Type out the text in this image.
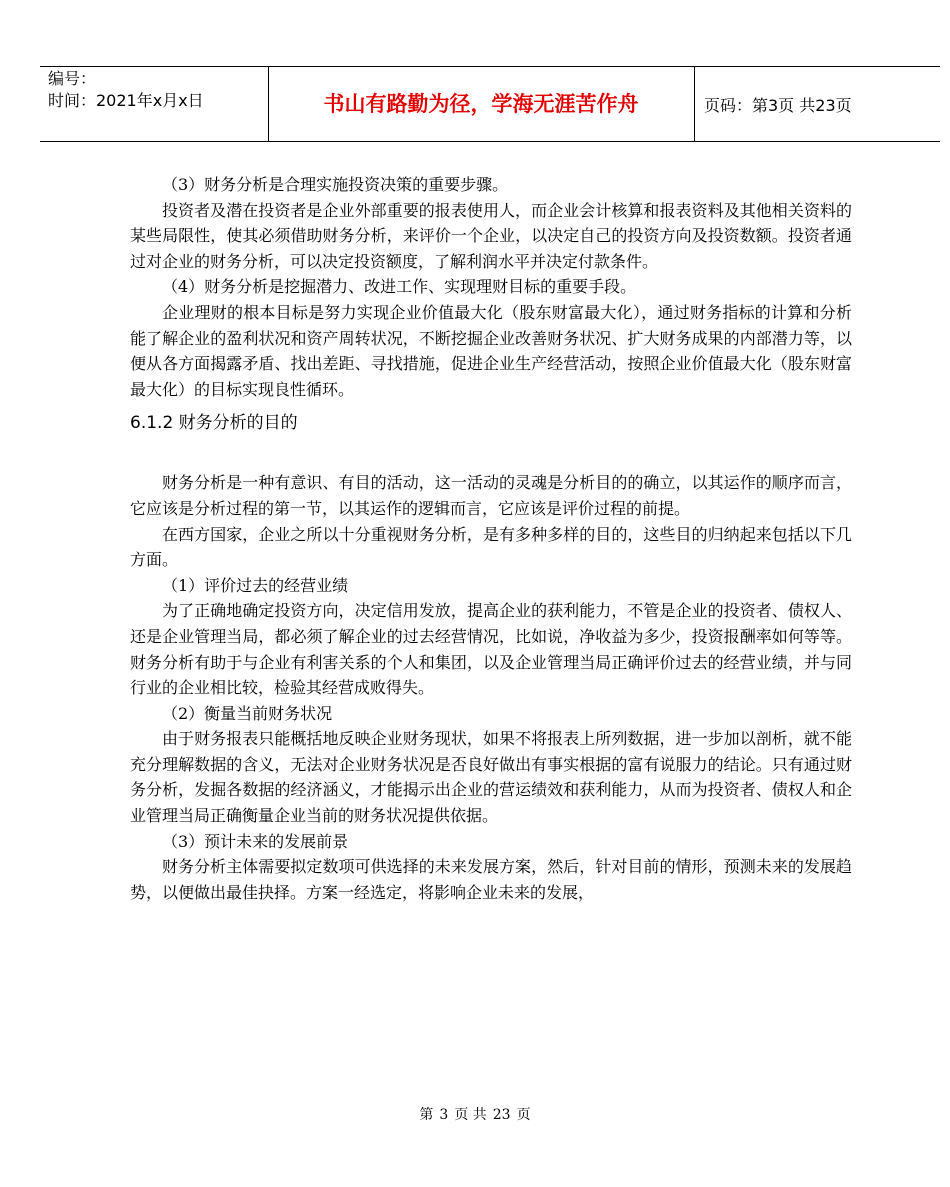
编号：
时间：2021年x月x日	书山有路勤为径，学海无涯苦作舟	页码：第3页 共23页

（3）财务分析是合理实施投资决策的重要步骤。

投资者及潜在投资者是企业外部重要的报表使用人，而企业会计核算和报表资料及其他相关资料的某些局限性，使其必须借助财务分析，来评价一个企业，以决定自己的投资方向及投资数额。投资者通过对企业的财务分析，可以决定投资额度，了解利润水平并决定付款条件。

（4）财务分析是挖掘潜力、改进工作、实现理财目标的重要手段。

企业理财的根本目标是努力实现企业价值最大化（股东财富最大化），通过财务指标的计算和分析能了解企业的盈利状况和资产周转状况，不断挖掘企业改善财务状况、扩大财务成果的内部潜力等，以便从各方面揭露矛盾、找出差距、寻找措施，促进企业生产经营活动，按照企业价值最大化（股东财富最大化）的目标实现良性循环。

6.1.2 财务分析的目的

财务分析是一种有意识、有目的活动，这一活动的灵魂是分析目的的确立，以其运作的顺序而言，它应该是分析过程的第一节，以其运作的逻辑而言，它应该是评价过程的前提。

在西方国家，企业之所以十分重视财务分析，是有多种多样的目的，这些目的归纳起来包括以下几方面。

（1）评价过去的经营业绩

为了正确地确定投资方向，决定信用发放，提高企业的获利能力，不管是企业的投资者、债权人、还是企业管理当局，都必须了解企业的过去经营情况，比如说，净收益为多少，投资报酬率如何等等。财务分析有助于与企业有利害关系的个人和集团，以及企业管理当局正确评价过去的经营业绩，并与同行业的企业相比较，检验其经营成败得失。

（2）衡量当前财务状况

由于财务报表只能概括地反映企业财务现状，如果不将报表上所列数据，进一步加以剖析，就不能充分理解数据的含义，无法对企业财务状况是否良好做出有事实根据的富有说服力的结论。只有通过财务分析，发掘各数据的经济涵义，才能揭示出企业的营运绩效和获利能力，从而为投资者、债权人和企业管理当局正确衡量企业当前的财务状况提供依据。

（3）预计未来的发展前景

财务分析主体需要拟定数项可供选择的未来发展方案，然后，针对目前的情形，预测未来的发展趋势，以便做出最佳抉择。方案一经选定，将影响企业未来的发展，

第 3 页 共 23 页
